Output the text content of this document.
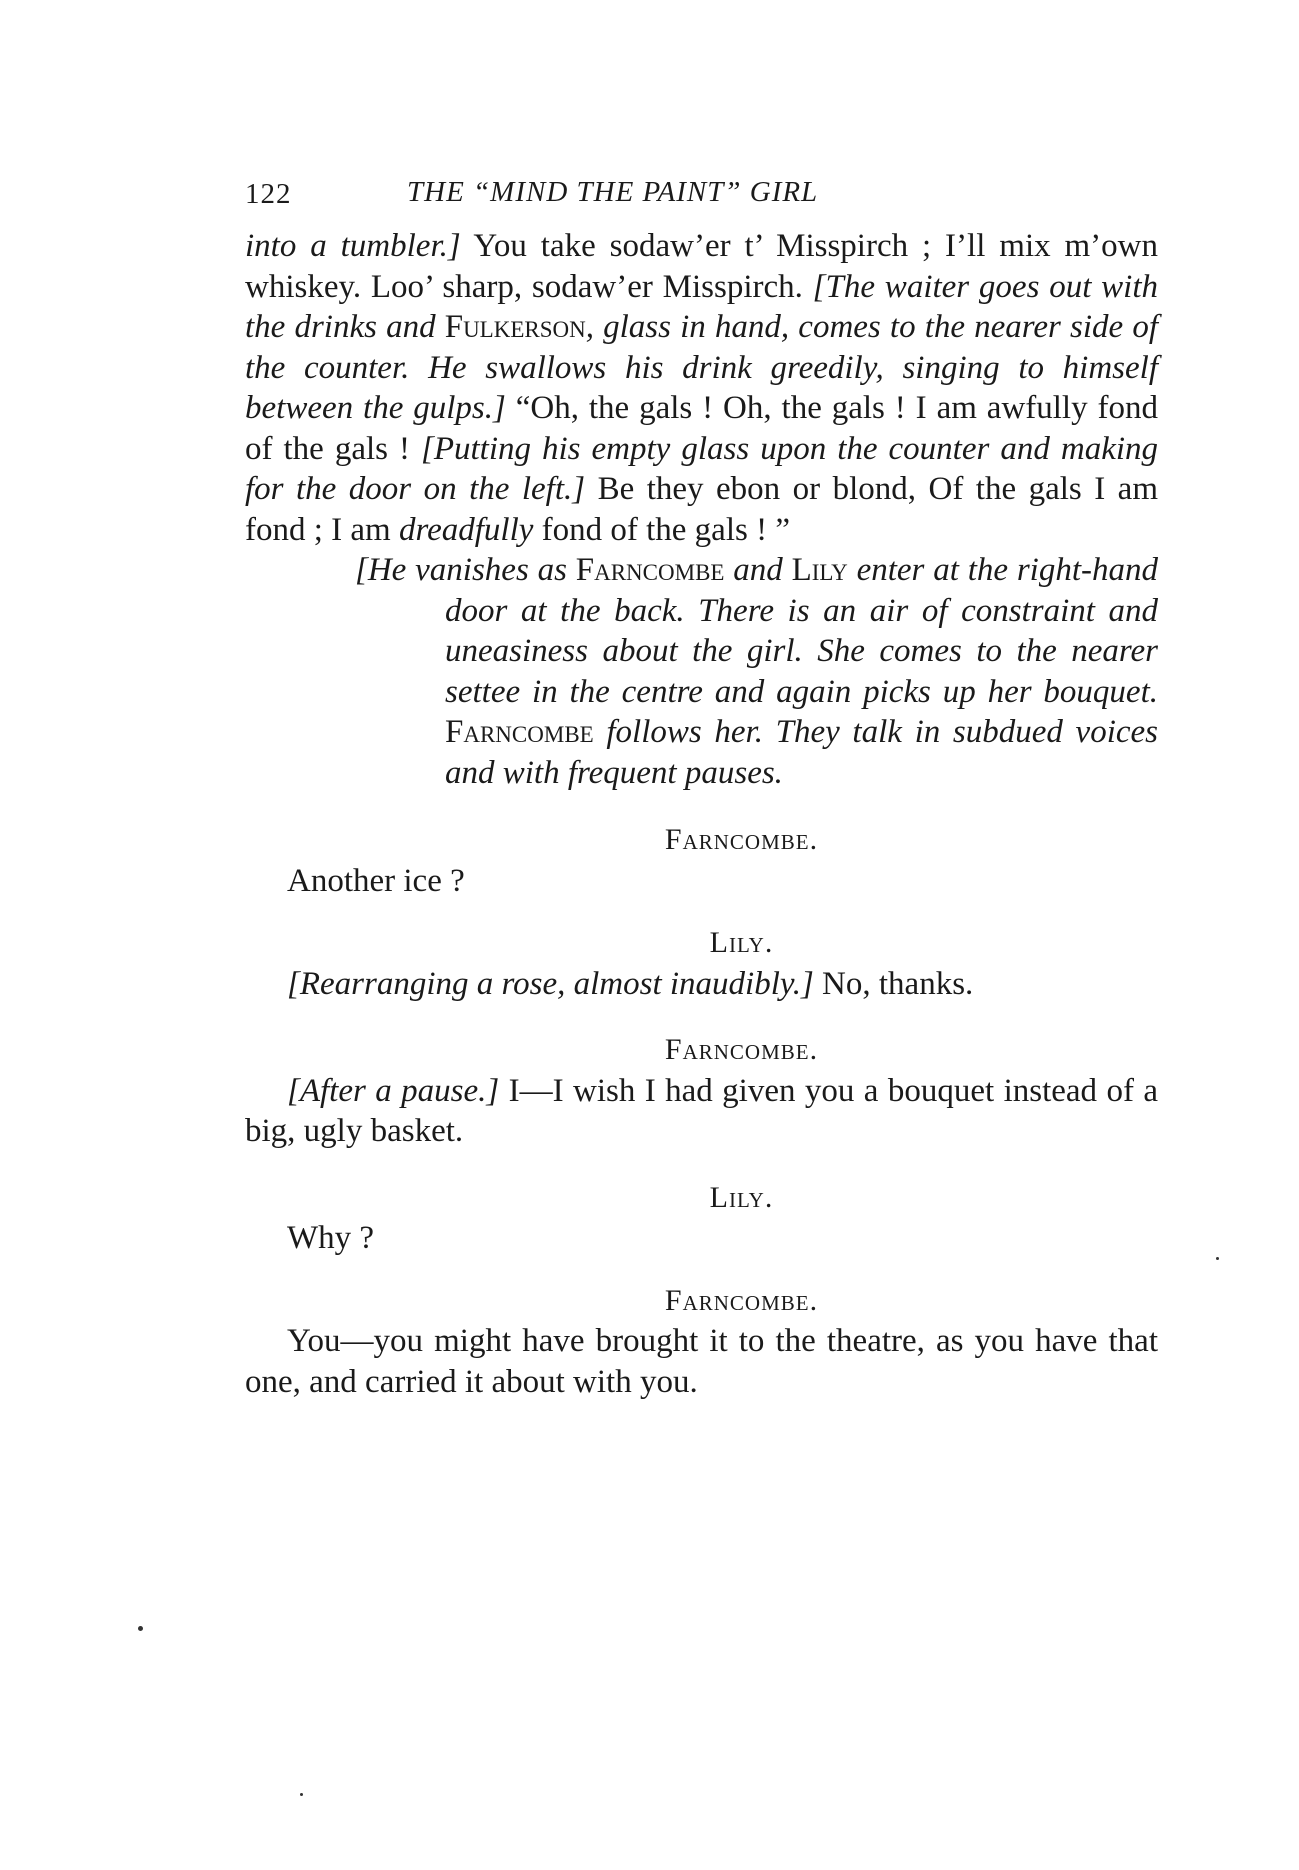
122	THE “MIND THE PAINT” GIRL

into a tumbler.] You take sodaw’er t’ Misspirch ; I’ll mix m’own whiskey. Loo’ sharp, sodaw’er Misspirch. [The waiter goes out with the drinks and Fulkerson, glass in hand, comes to the nearer side of the counter. He swallows his drink greedily, singing to himself between the gulps.] “Oh, the gals ! Oh, the gals ! I am awfully fond of the gals ! [Putting his empty glass upon the counter and making for the door on the left.] Be they ebon or blond, Of the gals I am fond ; I am dreadfully fond of the gals ! ”

[He vanishes as Farncombe and Lily enter at the right-hand door at the back. There is an air of constraint and uneasiness about the girl. She comes to the nearer settee in the centre and again picks up her bouquet. Farncombe follows her. They talk in subdued voices and with frequent pauses.

Farncombe.

Another ice ?

Lily.

[Rearranging a rose, almost inaudibly.] No, thanks.

Farncombe.

[After a pause.] I—I wish I had given you a bouquet instead of a big, ugly basket.

Lily.

Why ?

Farncombe.

You—you might have brought it to the theatre, as you have that one, and carried it about with you.
